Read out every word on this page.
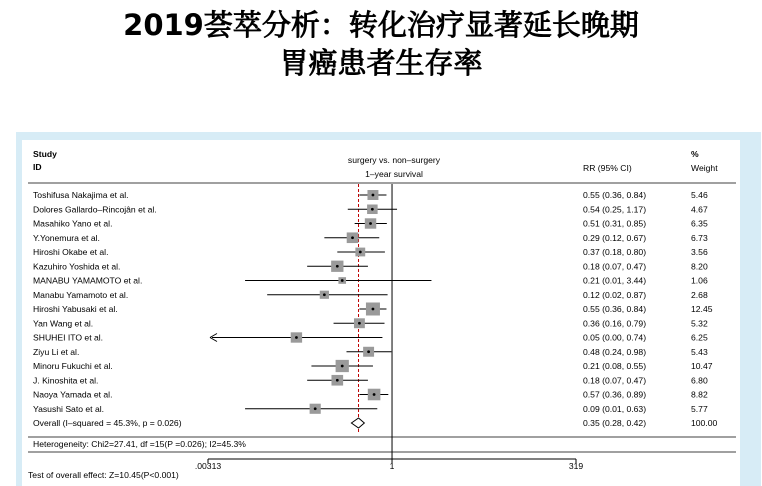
2019荟萃分析：转化治疗显著延长晚期
胃癌患者生存率
Study
ID
surgery vs. non–surgery
1–year survival
RR (95% CI)
%
Weight
Toshifusa Nakajima et al.	0.55 (0.36, 0.84)	5.46
Dolores Gallardo–Rincojân et al.	0.54 (0.25, 1.17)	4.67
Masahiko Yano et al.	0.51 (0.31, 0.85)	6.35
Y.Yonemura et al.	0.29 (0.12, 0.67)	6.73
Hiroshi Okabe et al.	0.37 (0.18, 0.80)	3.56
Kazuhiro Yoshida et al.	0.18 (0.07, 0.47)	8.20
MANABU YAMAMOTO et al.	0.21 (0.01, 3.44)	1.06
Manabu Yamamoto et al.	0.12 (0.02, 0.87)	2.68
Hiroshi Yabusaki et al.	0.55 (0.36, 0.84)	12.45
Yan Wang et al.	0.36 (0.16, 0.79)	5.32
SHUHEI ITO et al.	0.05 (0.00, 0.74)	6.25
Ziyu Li et al.	0.48 (0.24, 0.98)	5.43
Minoru Fukuchi et al.	0.21 (0.08, 0.55)	10.47
J. Kinoshita et al.	0.18 (0.07, 0.47)	6.80
Naoya Yamada et al.	0.57 (0.36, 0.89)	8.82
Yasushi Sato et al.	0.09 (0.01, 0.63)	5.77
Overall (I–squared = 45.3%, p = 0.026)	0.35 (0.28, 0.42)	100.00
Heterogeneity: Chi2=27.41, df =15(P =0.026); I2=45.3%
Test of overall effect: Z=10.45(P<0.001)
.00313	1	319
